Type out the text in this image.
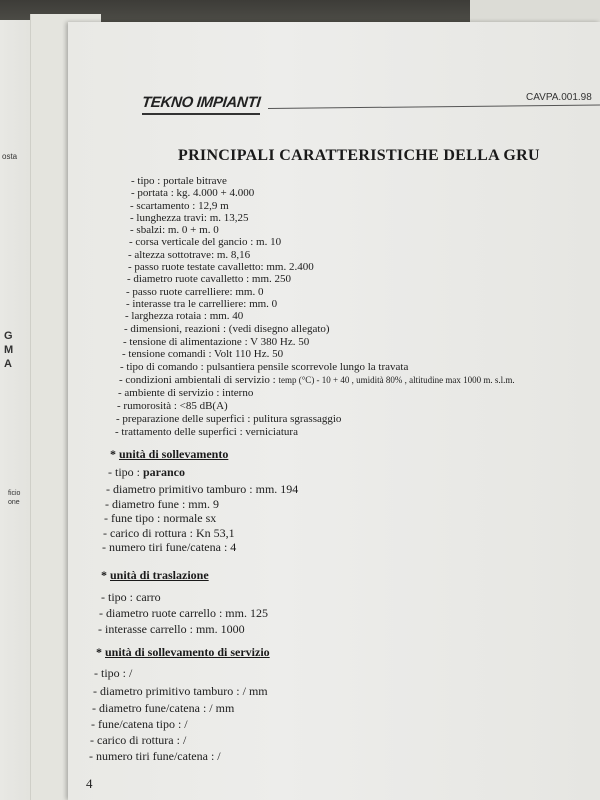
osta
G
M
A
ficio
one
TEKNO IMPIANTI	CAVPA.001.98
PRINCIPALI CARATTERISTICHE DELLA GRU
- tipo : portale bitrave
- portata : kg. 4.000 + 4.000
- scartamento : 12,9 m
- lunghezza travi: m. 13,25
- sbalzi: m. 0 + m. 0
- corsa verticale del gancio : m. 10
- altezza sottotrave: m. 8,16
- passo ruote testate cavalletto: mm. 2.400
- diametro ruote cavalletto : mm. 250
- passo ruote carrelliere: mm. 0
- interasse tra le carrelliere: mm. 0
- larghezza rotaia : mm. 40
- dimensioni, reazioni : (vedi disegno allegato)
- tensione di alimentazione : V 380 Hz. 50
- tensione comandi : Volt 110 Hz. 50
- tipo di comando : pulsantiera pensile scorrevole lungo la travata
- condizioni ambientali di servizio : temp (°C) - 10 + 40 , umidità 80% , altitudine max 1000 m. s.l.m.
- ambiente di servizio : interno
- rumorosità : <85 dB(A)
- preparazione delle superfici : pulitura sgrassaggio
- trattamento delle superfici : verniciatura
* unità di sollevamento
- tipo : paranco
- diametro primitivo tamburo : mm. 194
- diametro fune : mm. 9
- fune tipo : normale sx
- carico di rottura : Kn 53,1
- numero tiri fune/catena : 4
* unità di traslazione
- tipo : carro
- diametro ruote carrello : mm. 125
- interasse carrello : mm. 1000
* unità di sollevamento di servizio
- tipo : /
- diametro primitivo tamburo : / mm
- diametro fune/catena : / mm
- fune/catena tipo : /
- carico di rottura : /
- numero tiri fune/catena : /
4
